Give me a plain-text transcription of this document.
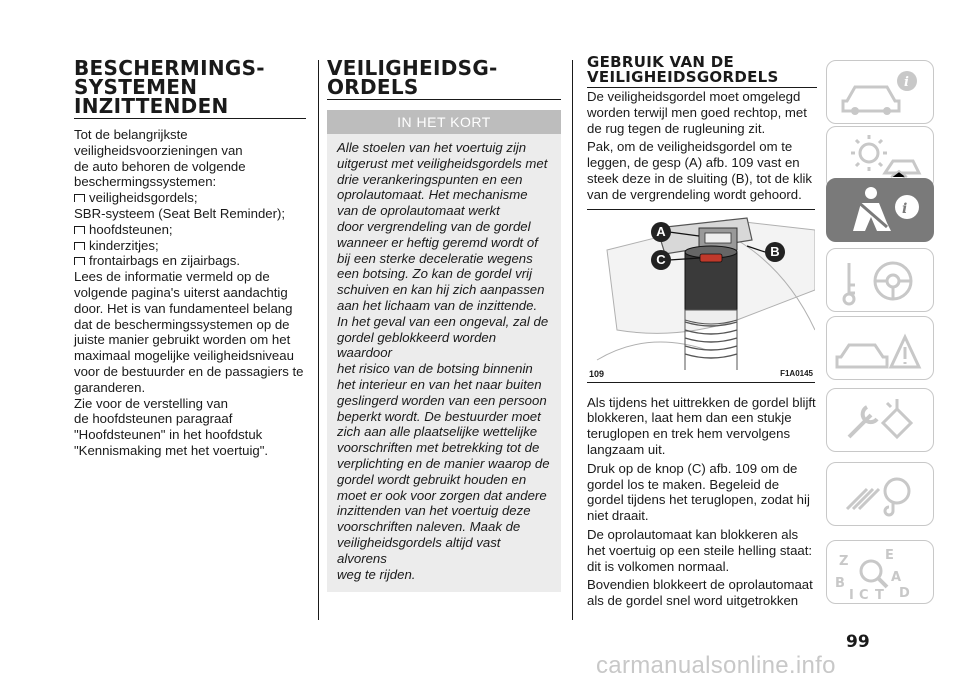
BESCHERMINGS-

SYSTEMEN

INZITTENDEN

Tot de belangrijkste

veiligheidsvoorzieningen van

de auto behoren de volgende

beschermingssystemen:

veiligheidsgordels;

SBR-systeem (Seat Belt Reminder);

hoofdsteunen;
kinderzitjes;
frontairbags en zijairbags.

Lees de informatie vermeld op de

volgende pagina's uiterst aandachtig

door. Het is van fundamenteel belang

dat de beschermingssystemen op de

juiste manier gebruikt worden om het

maximaal mogelijke veiligheidsniveau

voor de bestuurder en de passagiers te

garanderen.

Zie voor de verstelling van

de hoofdsteunen paragraaf

"Hoofdsteunen" in het hoofdstuk

"Kennismaking met het voertuig".

VEILIGHEIDSG-

ORDELS

IN HET KORT
Alle stoelen van het voertuig zijn
uitgerust met veiligheidsgordels met
drie verankeringspunten en een
oprolautomaat. Het mechanisme
van de oprolautomaat werkt
door vergrendeling van de gordel
wanneer er heftig geremd wordt of
bij een sterke deceleratie wegens
een botsing. Zo kan de gordel vrij
schuiven en kan hij zich aanpassen
aan het lichaam van de inzittende.
In het geval van een ongeval, zal de
gordel geblokkeerd worden waardoor
het risico van de botsing binnenin
het interieur en van het naar buiten
geslingerd worden van een persoon
beperkt wordt. De bestuurder moet
zich aan alle plaatselijke wettelijke
voorschriften met betrekking tot de
verplichting en de manier waarop de
gordel wordt gebruikt houden en
moet er ook voor zorgen dat andere
inzittenden van het voertuig deze
voorschriften naleven. Maak de
veiligheidsgordels altijd vast alvorens
weg te rijden.

GEBRUIK VAN DE

VEILIGHEIDSGORDELS

De veiligheidsgordel moet omgelegd

worden terwijl men goed rechtop, met

de rug tegen de rugleuning zit.

Pak, om de veiligheidsgordel om te

leggen, de gesp (A) afb. 109 vast en

steek deze in de sluiting (B), tot de klik

van de vergrendeling wordt gehoord.

A
B
C
109	F1A0145

Als tijdens het uittrekken de gordel blijft

blokkeren, laat hem dan een stukje

teruglopen en trek hem vervolgens

langzaam uit.

Druk op de knop (C) afb. 109 om de

gordel los te maken. Begeleid de

gordel tijdens het teruglopen, zodat hij

niet draait.

De oprolautomaat kan blokkeren als

het voertuig op een steile helling staat:

dit is volkomen normaal.

Bovendien blokkeert de oprolautomaat

als de gordel snel word uitgetrokken

99
carmanualsonline.info
i
i
Z	E
B	A
I C T D
